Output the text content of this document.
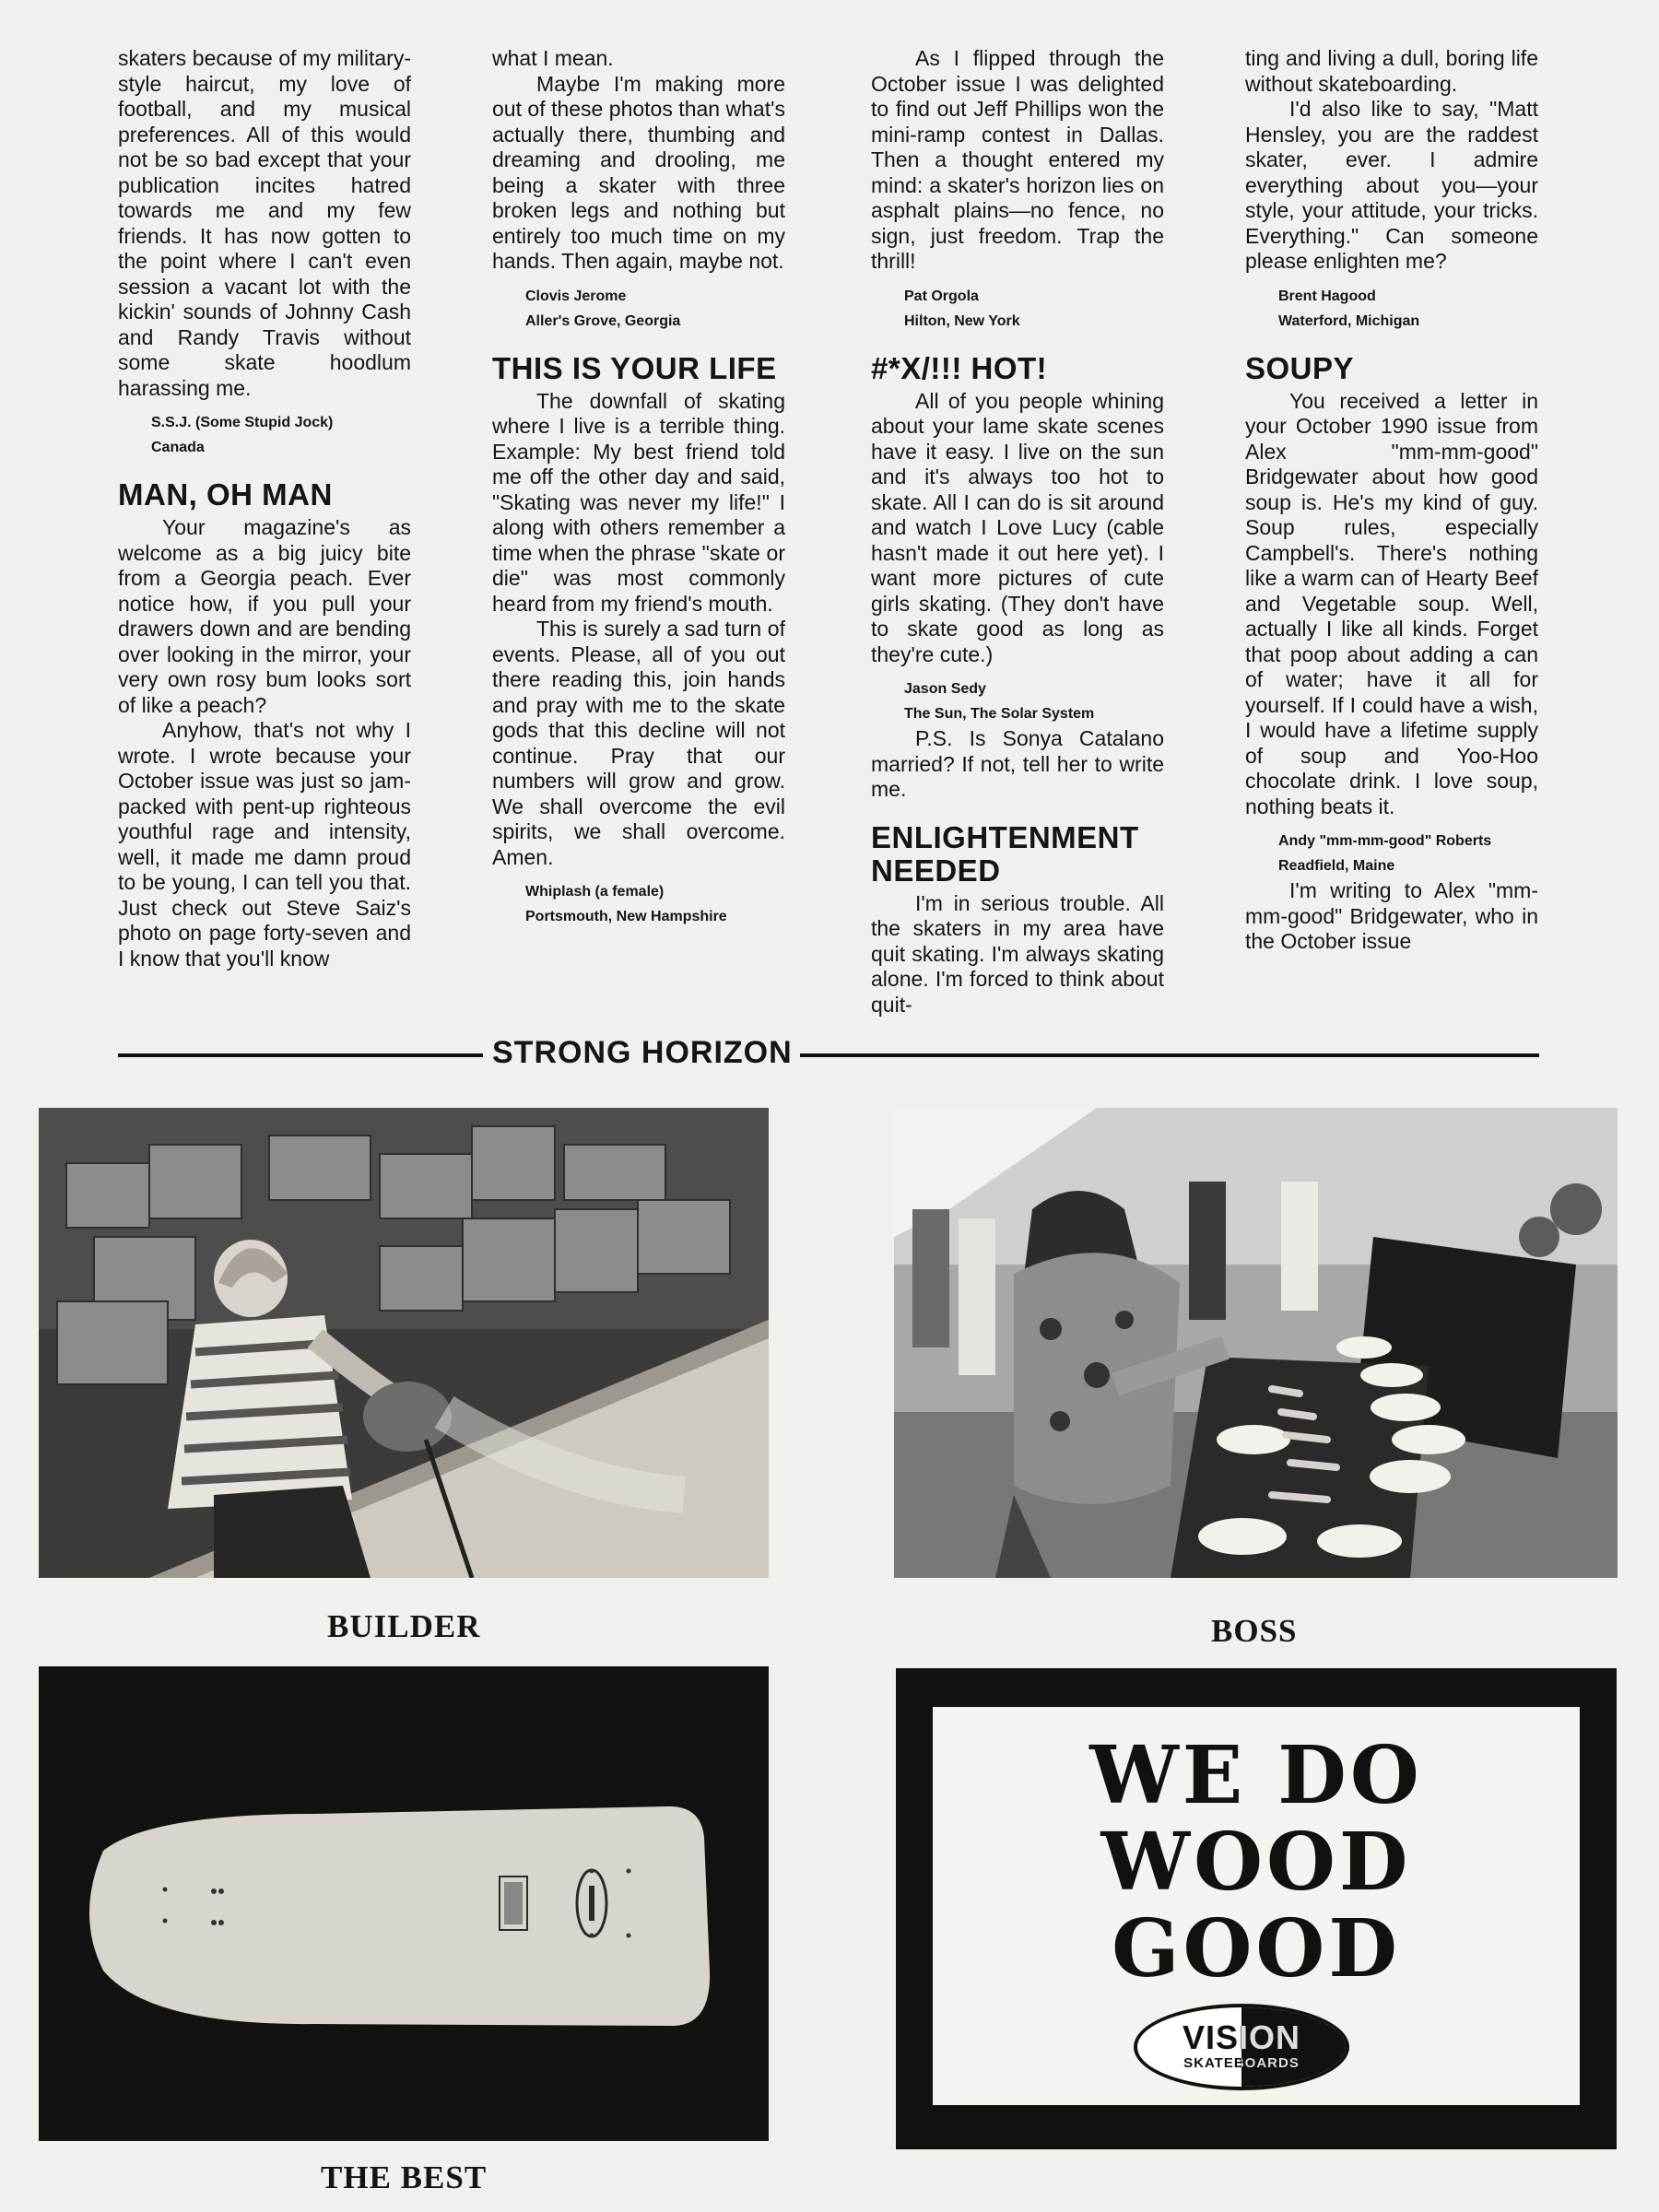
skaters because of my military-style haircut, my love of football, and my musical preferences. All of this would not be so bad except that your publication incites hatred towards me and my few friends. It has now gotten to the point where I can't even session a vacant lot with the kickin' sounds of Johnny Cash and Randy Travis without some skate hoodlum harassing me.

S.S.J. (Some Stupid Jock)
Canada
MAN, OH MAN

Your magazine's as welcome as a big juicy bite from a Georgia peach. Ever notice how, if you pull your drawers down and are bending over looking in the mirror, your very own rosy bum looks sort of like a peach?

Anyhow, that's not why I wrote. I wrote because your October issue was just so jam-packed with pent-up righteous youthful rage and intensity, well, it made me damn proud to be young, I can tell you that. Just check out Steve Saiz's photo on page forty-seven and I know that you'll know

what I mean.

Maybe I'm making more out of these photos than what's actually there, thumbing and dreaming and drooling, me being a skater with three broken legs and nothing but entirely too much time on my hands. Then again, maybe not.

Clovis Jerome
Aller's Grove, Georgia
THIS IS YOUR LIFE

The downfall of skating where I live is a terrible thing. Example: My best friend told me off the other day and said, "Skating was never my life!" I along with others remember a time when the phrase "skate or die" was most commonly heard from my friend's mouth.

This is surely a sad turn of events. Please, all of you out there reading this, join hands and pray with me to the skate gods that this decline will not continue. Pray that our numbers will grow and grow. We shall overcome the evil spirits, we shall overcome. Amen.

Whiplash (a female)
Portsmouth, New Hampshire

As I flipped through the October issue I was delighted to find out Jeff Phillips won the mini-ramp contest in Dallas. Then a thought entered my mind: a skater's horizon lies on asphalt plains—no fence, no sign, just freedom. Trap the thrill!

Pat Orgola
Hilton, New York
#*X/!!! HOT!

All of you people whining about your lame skate scenes have it easy. I live on the sun and it's always too hot to skate. All I can do is sit around and watch I Love Lucy (cable hasn't made it out here yet). I want more pictures of cute girls skating. (They don't have to skate good as long as they're cute.)

Jason Sedy
The Sun, The Solar System

P.S. Is Sonya Catalano married? If not, tell her to write me.

ENLIGHTENMENT NEEDED

I'm in serious trouble. All the skaters in my area have quit skating. I'm always skating alone. I'm forced to think about quit-

ting and living a dull, boring life without skateboarding.

I'd also like to say, "Matt Hensley, you are the raddest skater, ever. I admire everything about you—your style, your attitude, your tricks. Everything." Can someone please enlighten me?

Brent Hagood
Waterford, Michigan
SOUPY

You received a letter in your October 1990 issue from Alex "mm-mm-good" Bridgewater about how good soup is. He's my kind of guy. Soup rules, especially Campbell's. There's nothing like a warm can of Hearty Beef and Vegetable soup. Well, actually I like all kinds. Forget that poop about adding a can of water; have it all for yourself. If I could have a wish, I would have a lifetime supply of soup and Yoo-Hoo chocolate drink. I love soup, nothing beats it.

Andy "mm-mm-good" Roberts
Readfield, Maine

I'm writing to Alex "mm-mm-good" Bridgewater, who in the October issue

STRONG HORIZON
BUILDER	BOSS
THE BEST
WE DO
WOOD
GOOD
VISION
SKATEBOARDS
